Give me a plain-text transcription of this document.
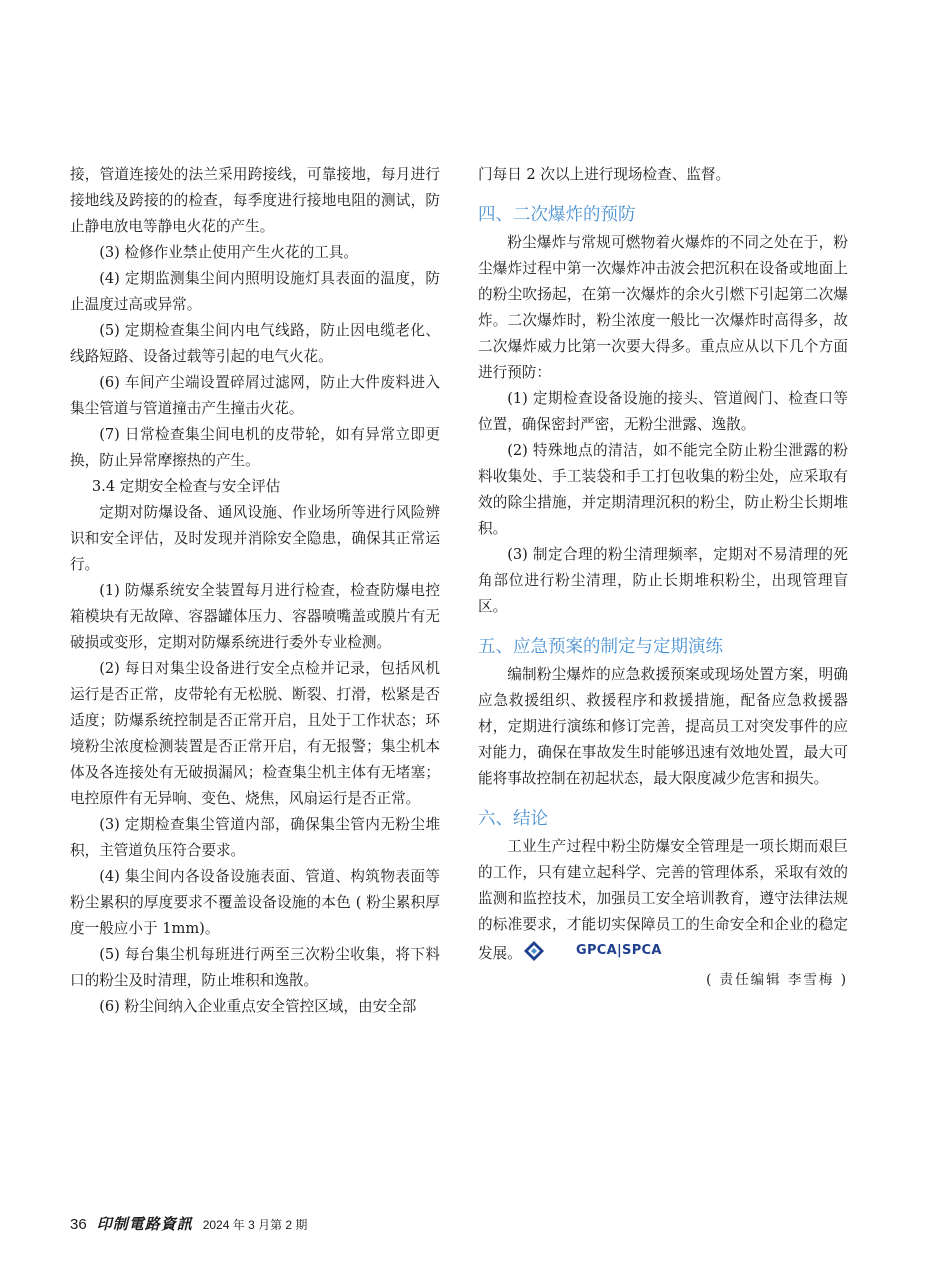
接，管道连接处的法兰采用跨接线，可靠接地，每月进行接地线及跨接的的检查，每季度进行接地电阻的测试，防止静电放电等静电火花的产生。

(3) 检修作业禁止使用产生火花的工具。

(4) 定期监测集尘间内照明设施灯具表面的温度，防止温度过高或异常。

(5) 定期检查集尘间内电气线路，防止因电缆老化、线路短路、设备过载等引起的电气火花。

(6) 车间产尘端设置碎屑过滤网，防止大件废料进入集尘管道与管道撞击产生撞击火花。

(7) 日常检查集尘间电机的皮带轮，如有异常立即更换，防止异常摩擦热的产生。

3.4 定期安全检查与安全评估

定期对防爆设备、通风设施、作业场所等进行风险辨识和安全评估，及时发现并消除安全隐患，确保其正常运行。

(1) 防爆系统安全装置每月进行检查，检查防爆电控箱模块有无故障、容器罐体压力、容器喷嘴盖或膜片有无破损或变形，定期对防爆系统进行委外专业检测。

(2) 每日对集尘设备进行安全点检并记录，包括风机运行是否正常，皮带轮有无松脱、断裂、打滑，松紧是否适度；防爆系统控制是否正常开启，且处于工作状态；环境粉尘浓度检测装置是否正常开启，有无报警；集尘机本体及各连接处有无破损漏风；检查集尘机主体有无堵塞；电控原件有无异响、变色、烧焦，风扇运行是否正常。

(3) 定期检查集尘管道内部，确保集尘管内无粉尘堆积，主管道负压符合要求。

(4) 集尘间内各设备设施表面、管道、构筑物表面等粉尘累积的厚度要求不覆盖设备设施的本色 ( 粉尘累积厚度一般应小于 1mm)。

(5) 每台集尘机每班进行两至三次粉尘收集，将下料口的粉尘及时清理，防止堆积和逸散。

(6) 粉尘间纳入企业重点安全管控区域，由安全部

门每日 2 次以上进行现场检查、监督。

四、二次爆炸的预防

粉尘爆炸与常规可燃物着火爆炸的不同之处在于，粉尘爆炸过程中第一次爆炸冲击波会把沉积在设备或地面上的粉尘吹扬起，在第一次爆炸的余火引燃下引起第二次爆炸。二次爆炸时，粉尘浓度一般比一次爆炸时高得多，故二次爆炸威力比第一次要大得多。重点应从以下几个方面进行预防：

(1) 定期检查设备设施的接头、管道阀门、检查口等位置，确保密封严密，无粉尘泄露、逸散。

(2) 特殊地点的清洁，如不能完全防止粉尘泄露的粉料收集处、手工装袋和手工打包收集的粉尘处，应采取有效的除尘措施，并定期清理沉积的粉尘，防止粉尘长期堆积。

(3) 制定合理的粉尘清理频率，定期对不易清理的死角部位进行粉尘清理，防止长期堆积粉尘，出现管理盲区。

五、应急预案的制定与定期演练

编制粉尘爆炸的应急救援预案或现场处置方案，明确应急救援组织、救援程序和救援措施，配备应急救援器材，定期进行演练和修订完善，提高员工对突发事件的应对能力，确保在事故发生时能够迅速有效地处置，最大可能将事故控制在初起状态，最大限度减少危害和损失。

六、结论

工业生产过程中粉尘防爆安全管理是一项长期而艰巨的工作，只有建立起科学、完善的管理体系，采取有效的监测和监控技术，加强员工安全培训教育，遵守法律法规的标准要求，才能切实保障员工的生命安全和企业的稳定发展。	GPCA|SPCA

( 责任编辑 李雪梅 )
36 印制電路資訊 2024 年 3 月第 2 期
